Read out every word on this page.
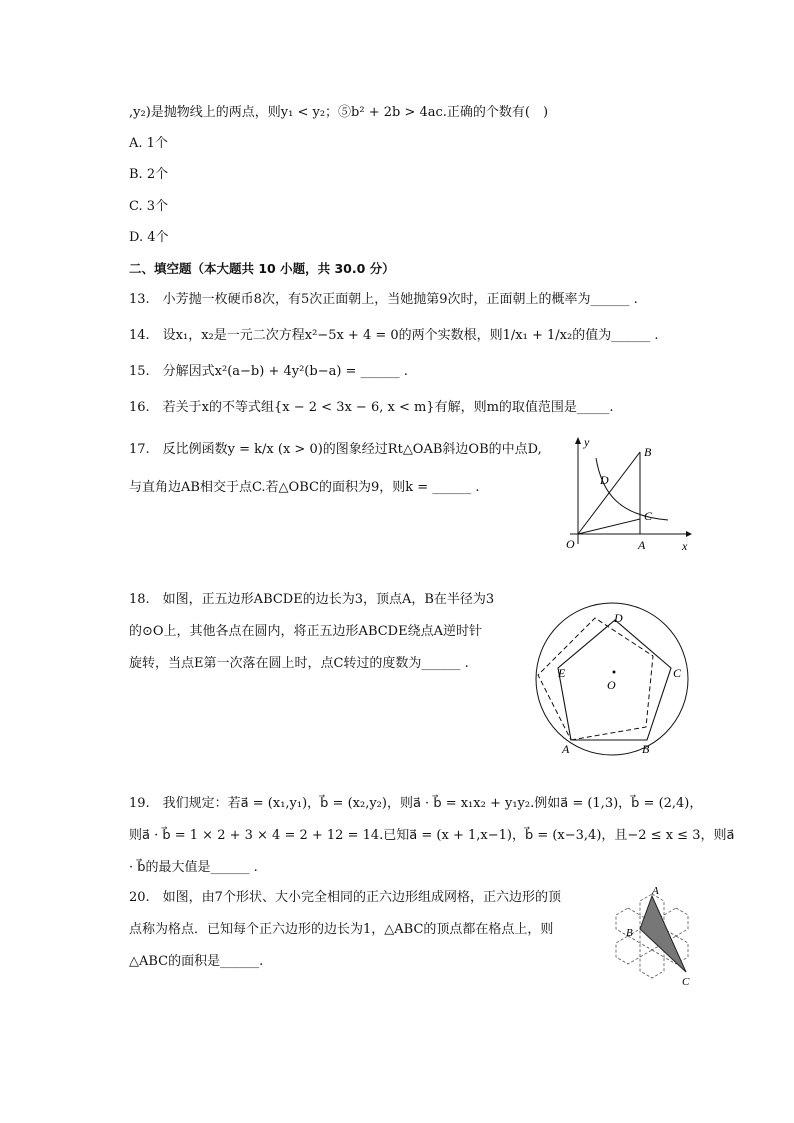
,y₂)是抛物线上的两点，则y₁ < y₂；⑤b² + 2b > 4ac.正确的个数有(　)
A. 1个
B. 2个
C. 3个
D. 4个
二、填空题（本大题共 10 小题，共 30.0 分）
13.　小芳抛一枚硬币8次，有5次正面朝上，当她抛第9次时，正面朝上的概率为______ .
14.　设x₁，x₂是一元二次方程x²−5x + 4 = 0的两个实数根，则1/x₁ + 1/x₂的值为______ .
15.　分解因式x²(a−b) + 4y²(b−a) = ______ .
16.　若关于x的不等式组{x − 2 < 3x − 6, x < m}有解，则m的取值范围是_____.
17.　反比例函数y = k/x (x > 0)的图象经过Rt△OAB斜边OB的中点D,
与直角边AB相交于点C.若△OBC的面积为9，则k = ______ .
18.　如图，正五边形ABCDE的边长为3，顶点A，B在半径为3
的⊙O上，其他各点在圆内，将正五边形ABCDE绕点A逆时针
旋转，当点E第一次落在圆上时，点C转过的度数为______ .
19.　我们规定：若a⃗ = (x₁,y₁)，b⃗ = (x₂,y₂)，则a⃗ · b⃗ = x₁x₂ + y₁y₂.例如a⃗ = (1,3)，b⃗ = (2,4)，
则a⃗ · b⃗ = 1 × 2 + 3 × 4 = 2 + 12 = 14.已知a⃗ = (x + 1,x−1)，b⃗ = (x−3,4)，且−2 ≤ x ≤ 3，则a⃗
· b⃗的最大值是______ .
20.　如图，由7个形状、大小完全相同的正六边形组成网格，正六边形的顶
点称为格点．已知每个正六边形的边长为1，△ABC的顶点都在格点上，则
△ABC的面积是______.
y
x
O	A
B
C
D
A	B
C
D
E
O
A
B
C
